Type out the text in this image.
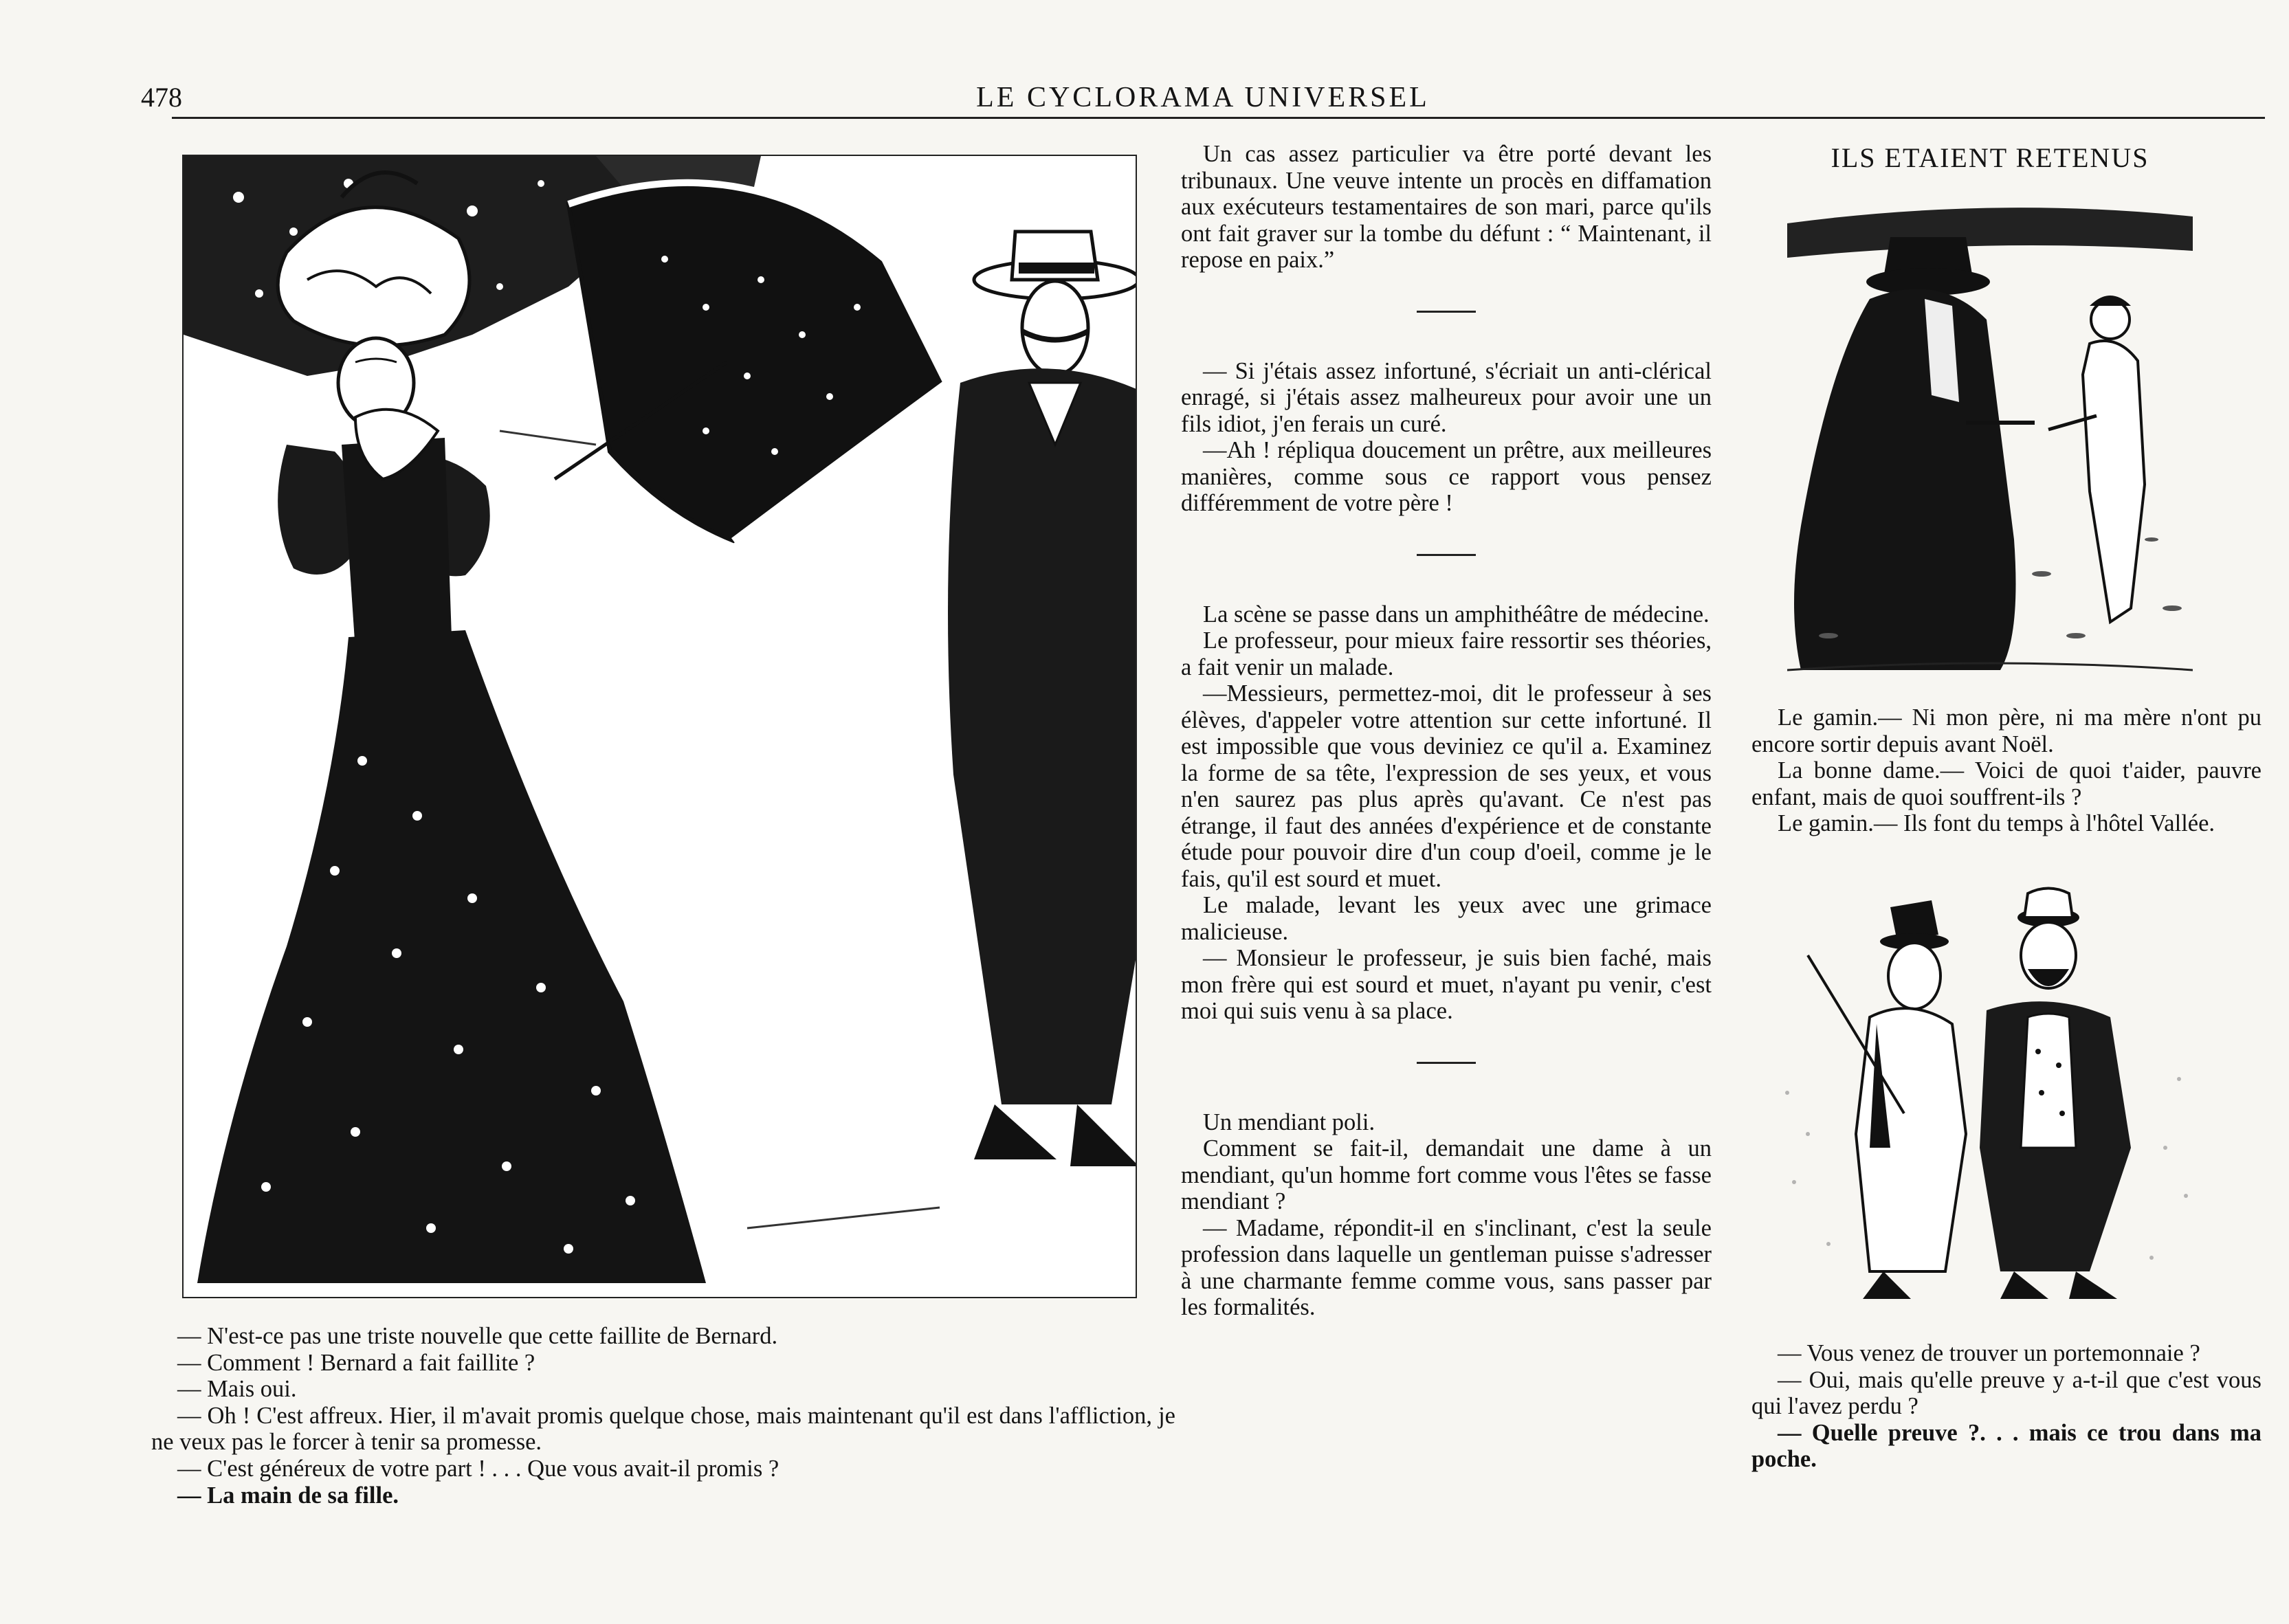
478	LE CYCLORAMA UNIVERSEL

— N'est-ce pas une triste nouvelle que cette faillite de Bernard.

— Comment ! Bernard a fait faillite ?

— Mais oui.

— Oh ! C'est affreux. Hier, il m'avait promis quelque chose, mais maintenant qu'il est dans l'affliction, je ne veux pas le forcer à tenir sa promesse.

— C'est généreux de votre part ! . . . Que vous avait-il promis ?

— La main de sa fille.

Un cas assez particulier va être porté devant les tribunaux. Une veuve intente un procès en diffamation aux exécuteurs testamentaires de son mari, parce qu'ils ont fait graver sur la tombe du défunt : “ Maintenant, il repose en paix.”

— Si j'étais assez infortuné, s'écriait un anti-clérical enragé, si j'étais assez malheureux pour avoir une un fils idiot, j'en ferais un curé.

—Ah ! répliqua doucement un prêtre, aux meilleures manières, comme sous ce rapport vous pensez différemment de votre père !

La scène se passe dans un amphithéâtre de médecine.

Le professeur, pour mieux faire ressortir ses théories, a fait venir un malade.

—Messieurs, permettez-moi, dit le professeur à ses élèves, d'appeler votre attention sur cette infortuné. Il est impossible que vous deviniez ce qu'il a. Examinez la forme de sa tête, l'expression de ses yeux, et vous n'en saurez pas plus après qu'avant. Ce n'est pas étrange, il faut des années d'expérience et de constante étude pour pouvoir dire d'un coup d'oeil, comme je le fais, qu'il est sourd et muet.

Le malade, levant les yeux avec une grimace malicieuse.

— Monsieur le professeur, je suis bien faché, mais mon frère qui est sourd et muet, n'ayant pu venir, c'est moi qui suis venu à sa place.

Un mendiant poli.

Comment se fait-il, demandait une dame à un mendiant, qu'un homme fort comme vous l'êtes se fasse mendiant ?

— Madame, répondit-il en s'inclinant, c'est la seule profession dans laquelle un gentleman puisse s'adresser à une charmante femme comme vous, sans passer par les formalités.

ILS ETAIENT RETENUS

Le gamin.— Ni mon père, ni ma mère n'ont pu encore sortir depuis avant Noël.

La bonne dame.— Voici de quoi t'aider, pauvre enfant, mais de quoi souffrent-ils ?

Le gamin.— Ils font du temps à l'hôtel Vallée.

— Vous venez de trouver un portemonnaie ?

— Oui, mais qu'elle preuve y a-t-il que c'est vous qui l'avez perdu ?

— Quelle preuve ?. . . mais ce trou dans ma poche.
